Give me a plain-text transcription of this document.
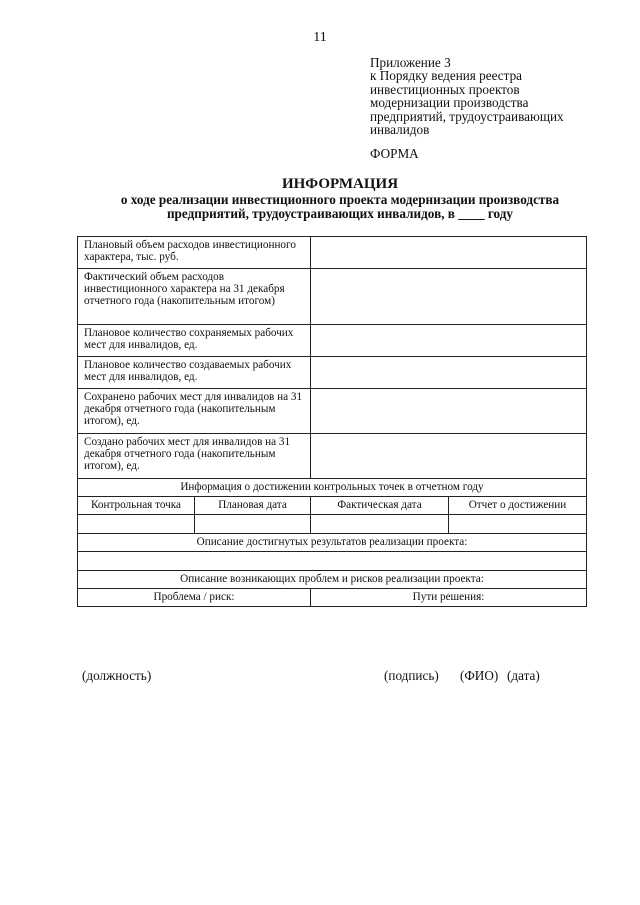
11
Приложение 3
к Порядку ведения реестра
инвестиционных проектов
модернизации производства
предприятий, трудоустраивающих
инвалидов
ФОРМА
ИНФОРМАЦИЯ
о ходе реализации инвестиционного проекта модернизации производства
предприятий, трудоустраивающих инвалидов, в ____ году
Плановый объем расходов инвестиционного характера, тыс. руб.			
Фактический объем расходов инвестиционного характера на 31 декабря отчетного года (накопительным итогом)			
Плановое количество сохраняемых рабочих мест для инвалидов, ед.			
Плановое количество создаваемых рабочих мест для инвалидов, ед.			
Сохранено рабочих мест для инвалидов на 31 декабря отчетного года (накопительным итогом), ед.			
Создано рабочих мест для инвалидов на 31 декабря отчетного года (накопительным итогом), ед.			
Информация о достижении контрольных точек в отчетном году			
Контрольная точка	Плановая дата	Фактическая дата	Отчет о достижении

Описание достигнутых результатов реализации проекта:			

Описание возникающих проблем и рисков реализации проекта:			
Проблема / риск:		Пути решения:	
(должность)	(подпись) (ФИО) (дата)
